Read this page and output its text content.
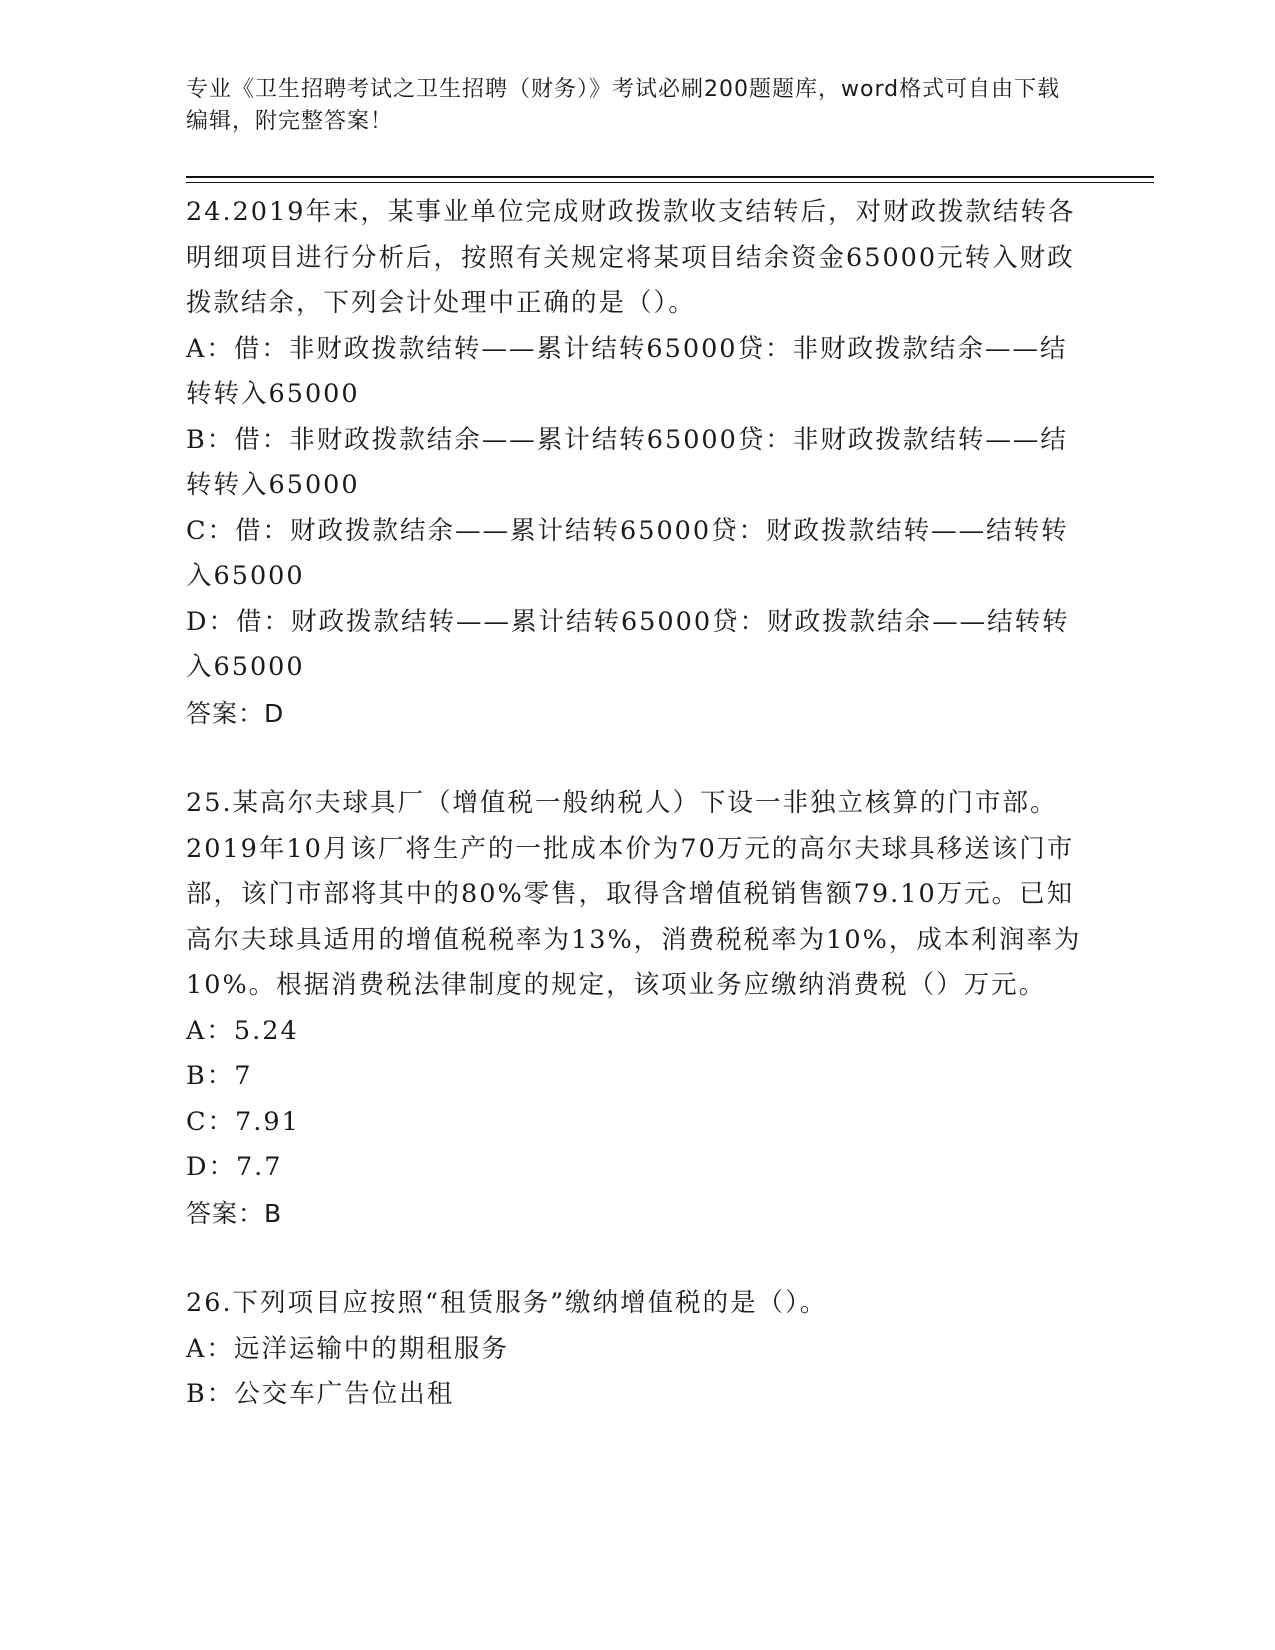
专业《卫生招聘考试之卫生招聘（财务）》考试必刷200题题库，word格式可自由下载编辑，附完整答案！

24.2019年末，某事业单位完成财政拨款收支结转后，对财政拨款结转各明细项目进行分析后，按照有关规定将某项目结余资金65000元转入财政拨款结余，下列会计处理中正确的是（）。

A：借：非财政拨款结转——累计结转65000贷：非财政拨款结余——结转转入65000

B：借：非财政拨款结余——累计结转65000贷：非财政拨款结转——结转转入65000

C：借：财政拨款结余——累计结转65000贷：财政拨款结转——结转转入65000

D：借：财政拨款结转——累计结转65000贷：财政拨款结余——结转转入65000

答案：D

25.某高尔夫球具厂（增值税一般纳税人）下设一非独立核算的门市部。2019年10月该厂将生产的一批成本价为70万元的高尔夫球具移送该门市部，该门市部将其中的80%零售，取得含增值税销售额79.10万元。已知高尔夫球具适用的增值税税率为13%，消费税税率为10%，成本利润率为10%。根据消费税法律制度的规定，该项业务应缴纳消费税（）万元。

A：5.24

B：7

C：7.91

D：7.7

答案：B

26.下列项目应按照“租赁服务”缴纳增值税的是（）。

A：远洋运输中的期租服务

B：公交车广告位出租
